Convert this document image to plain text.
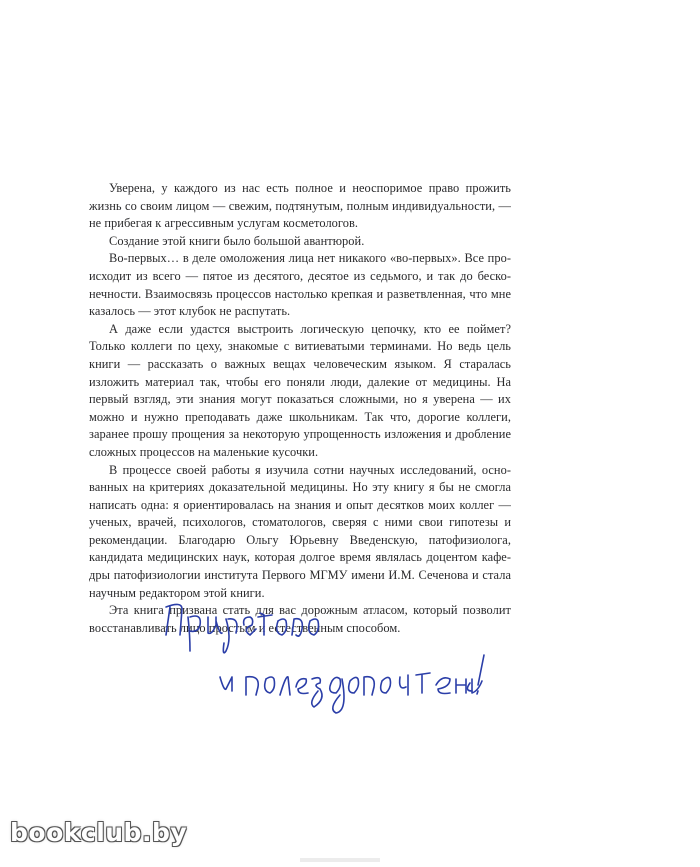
Уверена, у каждого из нас есть полное и неоспоримое право прожить жизнь со своим лицом — свежим, подтянутым, полным индивидуальности, — не прибегая к агрессивным услугам косметологов.

Создание этой книги было большой авантюрой.

Во-первых… в деле омоложения лица нет никакого «во-первых». Все происходит из всего — пятое из десятого, десятое из седьмого, и так до бесконечности. Взаимосвязь процессов настолько крепкая и разветвленная, что мне казалось — этот клубок не распутать.

А даже если удастся выстроить логическую цепочку, кто ее поймет? Только коллеги по цеху, знакомые с витиеватыми терминами. Но ведь цель книги — рассказать о важных вещах человеческим языком. Я старалась изложить материал так, чтобы его поняли люди, далекие от медицины. На первый взгляд, эти знания могут показаться сложными, но я уверена — их можно и нужно преподавать даже школьникам. Так что, дорогие коллеги, заранее прошу прощения за некоторую упрощенность изложения и дробление сложных процессов на маленькие кусочки.

В процессе своей работы я изучила сотни научных исследований, основанных на критериях доказательной медицины. Но эту книгу я бы не смогла написать одна: я ориентировалась на знания и опыт десятков моих коллег — ученых, врачей, психологов, стоматологов, сверяя с ними свои гипотезы и рекомендации. Благодарю Ольгу Юрьевну Введенскую, патофизиолога, кандидата медицинских наук, которая долгое время являлась доцентом кафедры патофизиологии института Первого МГМУ имени И.М. Сеченова и стала научным редактором этой книги.

Эта книга призвана стать для вас дорожным атласом, который позволит восстанавливать лицо простым и естественным способом.

bookclub.by
